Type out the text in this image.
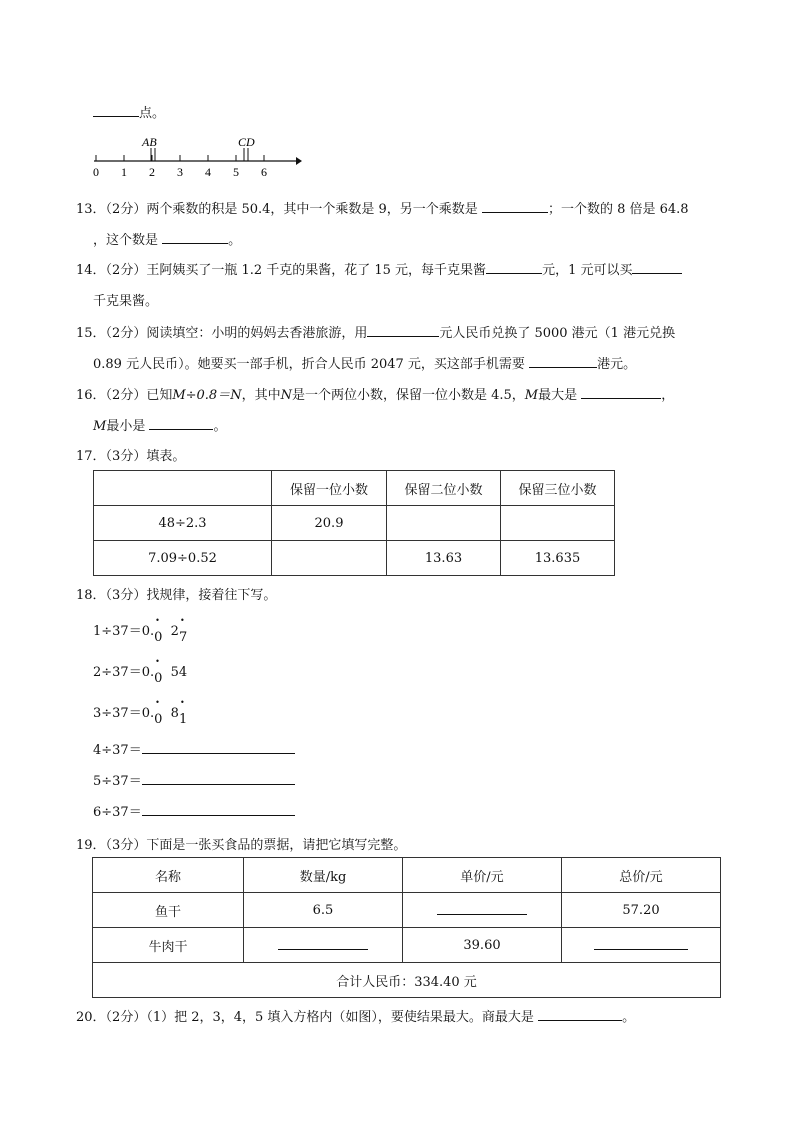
点。
AB	CD
0 1 2 3 4 5 6
13．（2分）两个乘数的积是 50.4，其中一个乘数是 9，另一个乘数是	；一个数的 8 倍是 64.8
，这个数是	。
14．（2分）王阿姨买了一瓶 1.2 千克的果酱，花了 15 元，每千克果酱	元，1 元可以买
千克果酱。
15．（2分）阅读填空：小明的妈妈去香港旅游，用	元人民币兑换了 5000 港元（1 港元兑换
0.89 元人民币）。她要买一部手机，折合人民币 2047 元，买这部手机需要	港元。
16．（2分）已知M÷0.8＝N，其中N是一个两位小数，保留一位小数是 4.5，M最大是	，
M最小是	。
17．（3分）填表。
	保留一位小数	保留二位小数	保留三位小数
48÷2.3	20.9		
7.09÷0.52		13.63	13.635
18．（3分）找规律，接着往下写。
1÷37＝0.• 0 2• 7
2÷37＝0.• 0 54
3÷37＝0.• 0 8• 1
4÷37＝
5÷37＝
6÷37＝
19．（3分）下面是一张买食品的票据，请把它填写完整。
名称	数量/kg	单价/元	总价/元
鱼干	6.5		57.20
牛肉干		39.60	
合计人民币：334.40 元			
20．（2分）（1）把 2，3，4，5 填入方格内（如图），要使结果最大。商最大是	。
